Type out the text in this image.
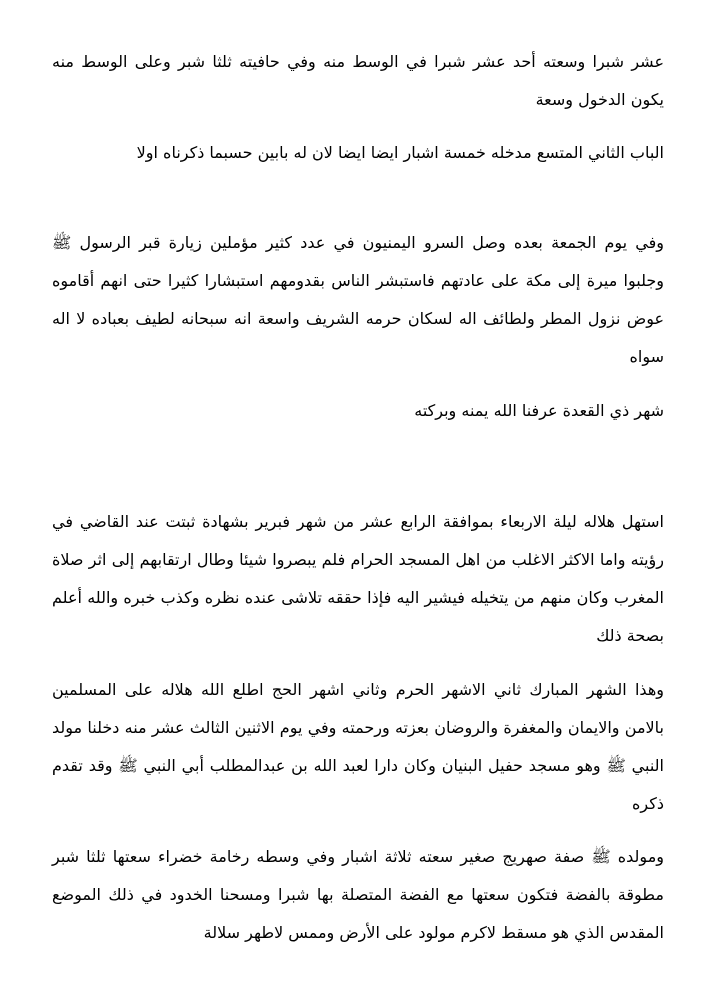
عشر شبرا وسعته أحد عشر شبرا في الوسط منه وفي حافيته ثلثا شبر وعلى الوسط منه يكون الدخول وسعة

الباب الثاني المتسع مدخله خمسة اشبار ايضا ايضا لان له بابين حسبما ذكرناه اولا

وفي يوم الجمعة بعده وصل السرو اليمنيون في عدد كثير مؤملين زيارة قبر الرسول ﷺ وجلبوا ميرة إلى مكة على عادتهم فاستبشر الناس بقدومهم استبشارا كثيرا حتى انهم أقاموه عوض نزول المطر ولطائف اله لسكان حرمه الشريف واسعة انه سبحانه لطيف بعباده لا اله سواه

شهر ذي القعدة عرفنا الله يمنه وبركته

استهل هلاله ليلة الاربعاء بموافقة الرابع عشر من شهر فبرير بشهادة ثبتت عند القاضي في رؤيته واما الاكثر الاغلب من اهل المسجد الحرام فلم يبصروا شيئا وطال ارتقابهم إلى اثر صلاة المغرب وكان منهم من يتخيله فيشير اليه فإذا حققه تلاشى عنده نظره وكذب خبره والله أعلم بصحة ذلك

وهذا الشهر المبارك ثاني الاشهر الحرم وثاني اشهر الحج اطلع الله هلاله على المسلمين بالامن والايمان والمغفرة والروضان بعزته ورحمته وفي يوم الاثنين الثالث عشر منه دخلنا مولد النبي ﷺ وهو مسجد حفيل البنيان وكان دارا لعبد الله بن عبدالمطلب أبي النبي ﷺ وقد تقدم ذكره

ومولده ﷺ صفة صهريج صغير سعته ثلاثة اشبار وفي وسطه رخامة خضراء سعتها ثلثا شبر مطوقة بالفضة فتكون سعتها مع الفضة المتصلة بها شبرا ومسحنا الخدود في ذلك الموضع المقدس الذي هو مسقط لاكرم مولود على الأرض وممس لاطهر سلالة
